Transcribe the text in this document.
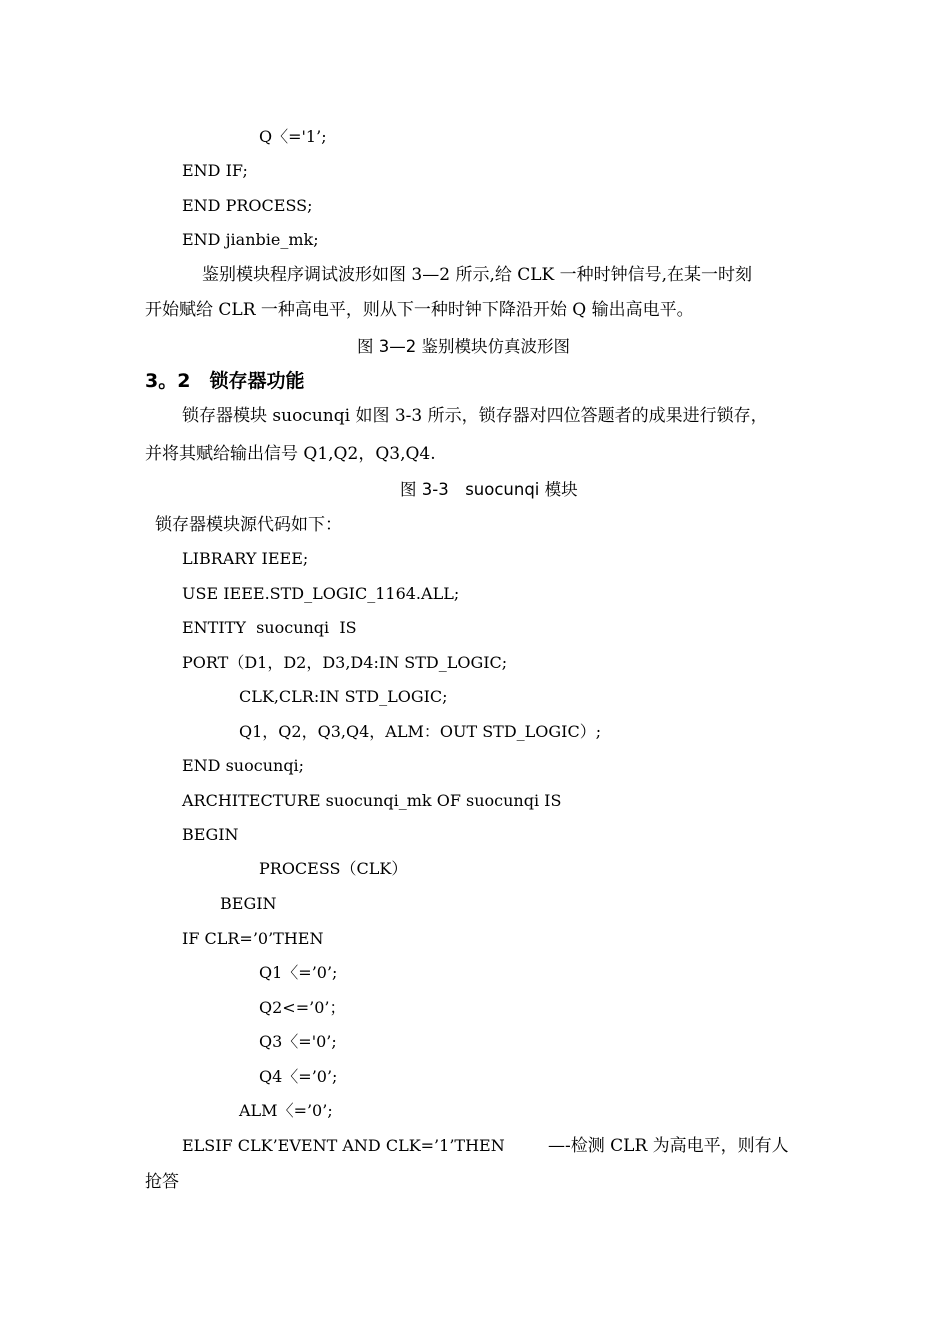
Q〈='1’;

END IF;

END PROCESS;

END jianbie_mk;

鉴别模块程序调试波形如图 3—2 所示,给 CLK 一种时钟信号,在某一时刻

开始赋给 CLR 一种高电平，则从下一种时钟下降沿开始 Q 输出高电平。

图 3—2 鉴别模块仿真波形图

3。2　锁存器功能

锁存器模块 suocunqi 如图 3-3 所示，锁存器对四位答题者的成果进行锁存，

并将其赋给输出信号 Q1,Q2，Q3,Q4.

图 3-3　suocunqi 模块

锁存器模块源代码如下：

LIBRARY IEEE;

USE IEEE.STD_LOGIC_1164.ALL;

ENTITY  suocunqi  IS

PORT（D1，D2，D3,D4:IN STD_LOGIC;

CLK,CLR:IN STD_LOGIC;

Q1，Q2，Q3,Q4，ALM：OUT STD_LOGIC）;

END suocunqi;

ARCHITECTURE suocunqi_mk OF suocunqi IS

BEGIN

PROCESS（CLK）

BEGIN

IF CLR=’0’THEN

Q1〈=’0’;

Q2<=’0’；

Q3〈='0’;

Q4〈=’0’;

ALM〈=’0’;

ELSIF CLK’EVENT AND CLK=’1’THEN	—-检测 CLR 为高电平，则有人

抢答
